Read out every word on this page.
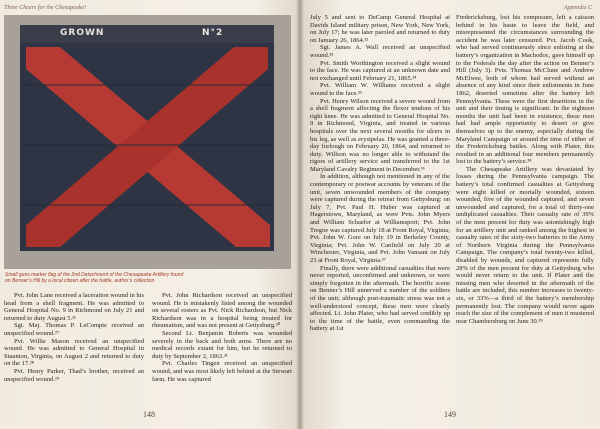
Three Cheers for the Chesapeake!
GROWN	N°2
Small guns marker flag of the 2nd Detachment of the Chesapeake Artillery found on Benner’s Hill by a local citizen after the battle, author’s collection

Pvt. John Lane received a laceration wound in his head from a shell fragment. He was admitted to General Hospital No. 9 in Richmond on July 21 and returned to duty August 5.²⁶

Sgt. Maj. Thomas P. LeCompte received an unspecified wound.²⁷

Pvt. Willie Mason received an unspecified wound. He was admitted to General Hospital in Staunton, Virginia, on August 2 and returned to duty on the 17.²⁸

Pvt. Henry Parker, Thad’s brother, received an unspecified wound.²⁹

Pvt. John Richardson received an unspecified wound. He is mistakenly listed among the wounded on several rosters as Pvt. Nick Richardson, but Nick Richardson was in a hospital being treated for rheumatism, and was not present at Gettysburg.³⁰

Second Lt. Benjamin Roberts was wounded severely in the back and both arms. There are no medical records extant for him, but he returned to duty by September 2, 1863.³¹

Pvt. Charles Tingen received an unspecified wound, and was most likely left behind at the Stewart farm. He was captured

148
Appendix C

July 5 and sent to DeCamp General Hospital at Davids Island military prison, New York, New York, on July 17; he was later paroled and returned to duty on January 26, 1864.³²

Sgt. James A. Wall received an unspecified wound.³³

Pvt. Smith Worthington received a slight wound to the face. He was captured at an unknown date and not exchanged until February 21, 1865.³⁴

Pvt. William W. Williams received a slight wound to the face.³⁵

Pvt. Henry Wilson received a severe wound from a shell fragment affecting the flexor tendons of his right knee. He was admitted to General Hospital No. 9 in Richmond, Virginia, and treated in various hospitals over the next several months for ulcers in his leg, as well as erysipelas. He was granted a three-day furlough on February 20, 1864, and returned to duty. Willson was no longer able to withstand the rigors of artillery service and transferred to the 1st Maryland Cavalry Regiment in December.³⁶

In addition, although not mentioned in any of the contemporary or postwar accounts by veterans of the unit, seven unwounded members of the company were captured during the retreat from Gettysburg: on July 7, Pvt. Paul H. Huber was captured at Hagerstown, Maryland, as were Pvts. John Myers and William Schaefer at Williamsport; Pvt. John Tregoe was captured July 18 at Front Royal, Virginia; Pvt. John W. Gore on July 19 in Berkeley County, Virginia; Pvt. John W. Canfield on July 20 at Winchester, Virginia, and Pvt. John Vansant on July 23 at Front Royal, Virginia.³⁷

Finally, there were additional casualties that were never reported, unconfirmed and unknown, or were simply forgotten in the aftermath. The horrific scene on Benner’s Hill unnerved a number of the soldiers of the unit; although post-traumatic stress was not a well-understood concept, these men were clearly affected. Lt. John Plater, who had served credibly up to the time of the battle, even commanding the battery at 1st

Fredericksburg, lost his composure, left a caisson behind in his haste to leave the field, and misrepresented the circumstances surrounding the accident he was later censured. Pvt. Jacob Cook, who had served continuously since enlisting at the battery’s organization in Machodoc, gave himself up to the Federals the day after the action on Benner’s Hill (July 3). Pvts. Thomas McClune and Andrew McElwee, both of whom had served without an absence of any kind since their enlistments in June 1862, deserted sometime after the battery left Pennsylvania. These were the first desertions in the unit and their timing is significant. In the eighteen months the unit had been in existence, these men had had ample opportunity to desert or give themselves up to the enemy, especially during the Maryland Campaign or around the time of either of the Fredericksburg battles. Along with Plater, this resulted in an additional four members permanently lost to the battery’s service.³⁸

The Chesapeake Artillery was devastated by losses during the Pennsylvania campaign. The battery’s total confirmed casualties at Gettysburg were eight killed or mortally wounded, sixteen wounded, five of the wounded captured, and seven unwounded and captured, for a total of thirty-one undiplicated casualties. Their casualty rate of 39% of the men present for duty was astonishingly high for an artillery unit and ranked among the highest in casualty rates of the sixty-two batteries in the Army of Northern Virginia during the Pennsylvania Campaign. The company’s total twenty-two killed, disabled by wounds, and captured represents fully 28% of the men present for duty at Gettysburg who would never return to the unit. If Plater and the missing men who deserted in the aftermath of the battle are included, this number increases to twenty-six, or 33%—a third of the battery’s membership permanently lost. The company would never again reach the size of the complement of men it mustered near Chambersburg on June 30.³⁹

149
